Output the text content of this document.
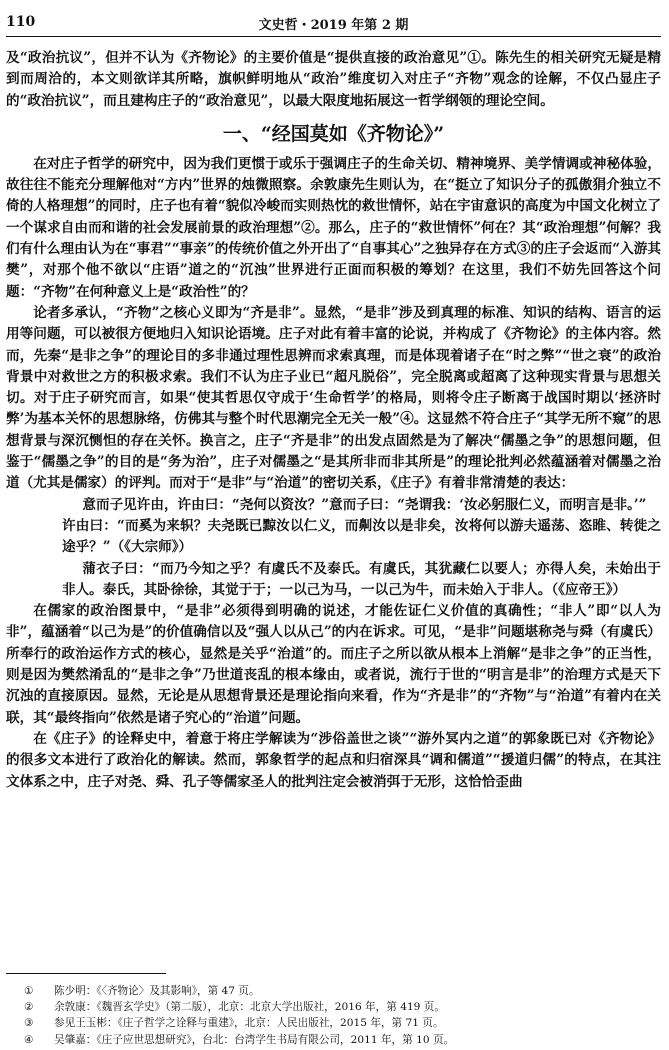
110	文史哲・2019 年第 2 期

及“政治抗议”，但并不认为《齐物论》的主要价值是“提供直接的政治意见”①。陈先生的相关研究无疑是精到而周洽的，本文则欲详其所略，旗帜鲜明地从“政治”维度切入对庄子“齐物”观念的诠解，不仅凸显庄子的“政治抗议”，而且建构庄子的“政治意见”，以最大限度地拓展这一哲学纲领的理论空间。

一、“经国莫如《齐物论》”

在对庄子哲学的研究中，因为我们更惯于或乐于强调庄子的生命关切、精神境界、美学情调或神秘体验，故往往不能充分理解他对“方内”世界的烛微照察。余敦康先生则认为，在“挺立了知识分子的孤傲狷介独立不倚的人格理想”的同时，庄子也有着“貌似冷峻而实则热忱的救世情怀，站在宇宙意识的高度为中国文化树立了一个谋求自由而和谐的社会发展前景的政治理想”②。那么，庄子的“救世情怀”何在？其“政治理想”何解？我们有什么理由认为在“事君”“事亲”的传统价值之外开出了“自事其心”之独异存在方式③的庄子会返而“入游其樊”，对那个他不欲以“庄语”道之的“沉浊”世界进行正面而积极的筹划？在这里，我们不妨先回答这个问题：“齐物”在何种意义上是“政治性”的？

论者多承认，“齐物”之核心义即为“齐是非”。显然，“是非”涉及到真理的标准、知识的结构、语言的运用等问题，可以被很方便地归入知识论语境。庄子对此有着丰富的论说，并构成了《齐物论》的主体内容。然而，先秦“是非之争”的理论目的多非通过理性思辨而求索真理，而是体现着诸子在“时之弊”“世之衰”的政治背景中对救世之方的积极求索。我们不认为庄子业已“超凡脱俗”，完全脱离或超离了这种现实背景与思想关切。对于庄子研究而言，如果“使其哲思仅守成于‘生命哲学’的格局，则将令庄子断离于战国时期以‘拯济时弊’为基本关怀的思想脉络，仿佛其与整个时代思潮完全无关一般”④。这显然不符合庄子“其学无所不窥”的思想背景与深沉恻怛的存在关怀。换言之，庄子“齐是非”的出发点固然是为了解决“儒墨之争”的思想问题，但鉴于“儒墨之争”的目的是“务为治”，庄子对儒墨之“是其所非而非其所是”的理论批判必然蕴涵着对儒墨之治道（尤其是儒家）的评判。而对于“是非”与“治道”的密切关系，《庄子》有着非常清楚的表达：

意而子见许由，许由曰：“尧何以资汝？”意而子曰：“尧谓我：‘汝必躬服仁义，而明言是非。’”

许由曰：“而奚为来轵？夫尧既已黥汝以仁义，而劓汝以是非矣，汝将何以游夫遥荡、恣睢、转徙之途乎？”（《大宗师》）

蒲衣子曰：“而乃今知之乎？有虞氏不及泰氏。有虞氏，其犹藏仁以要人；亦得人矣，未始出于非人。泰氏，其卧徐徐，其觉于于；一以己为马，一以己为牛，而未始入于非人。（《应帝王》）

在儒家的政治图景中，“是非”必须得到明确的说述，才能佐证仁义价值的真确性；“非人”即“以人为非”，蕴涵着“以己为是”的价值确信以及“强人以从己”的内在诉求。可见，“是非”问题堪称尧与舜（有虞氏）所奉行的政治运作方式的核心，显然是关乎“治道”的。而庄子之所以欲从根本上消解“是非之争”的正当性，则是因为樊然淆乱的“是非之争”乃世道丧乱的根本缘由，或者说，流行于世的“明言是非”的治理方式是天下沉浊的直接原因。显然，无论是从思想背景还是理论指向来看，作为“齐是非”的“齐物”与“治道”有着内在关联，其“最终指向”依然是诸子究心的“治道”问题。

在《庄子》的诠释史中，着意于将庄学解读为“涉俗盖世之谈”“游外冥内之道”的郭象既已对《齐物论》的很多文本进行了政治化的解读。然而，郭象哲学的起点和归宿深具“调和儒道”“援道归儒”的特点，在其注文体系之中，庄子对尧、舜、孔子等儒家圣人的批判注定会被消弭于无形，这恰恰歪曲

①	陈少明：《〈齐物论〉及其影响》，第 47 页。
②	余敦康：《魏晋玄学史》（第二版），北京：北京大学出版社，2016 年，第 419 页。
③	参见王玉彬：《庄子哲学之诠释与重建》，北京：人民出版社，2015 年，第 71 页。
④	吴肇嘉：《庄子应世思想研究》，台北：台湾学生书局有限公司，2011 年，第 10 页。
